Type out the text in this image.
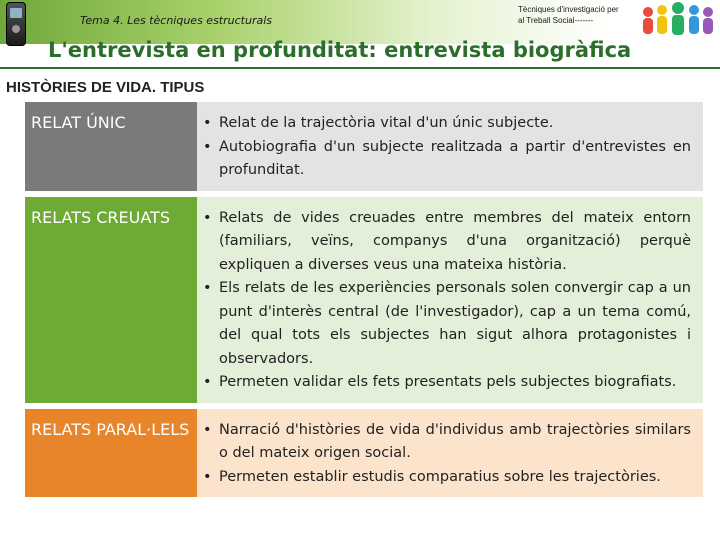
Tema 4. Les tècniques estructurals
Tècniques d'investigació per
al Treball Social-------
L'entrevista en profunditat: entrevista biogràfica
HISTÒRIES DE VIDA. TIPUS
RELAT ÚNIC	• Relat de la trajectòria vital d'un únic subjecte.
• Autobiografia d'un subjecte realitzada a partir d'entrevistes en profunditat.
RELATS CREUATS	• Relats de vides creuades entre membres del mateix entorn (familiars, veïns, companys d'una organització) perquè expliquen a diverses veus una mateixa història.
• Els relats de les experiències personals solen convergir cap a un punt d'interès central (de l'investigador), cap a un tema comú, del qual tots els subjectes han sigut alhora protagonistes i observadors.
• Permeten validar els fets presentats pels subjectes biografiats.
RELATS PARAL·LELS	• Narració d'històries de vida d'individus amb trajectòries similars o del mateix origen social.
• Permeten establir estudis comparatius sobre les trajectòries.
